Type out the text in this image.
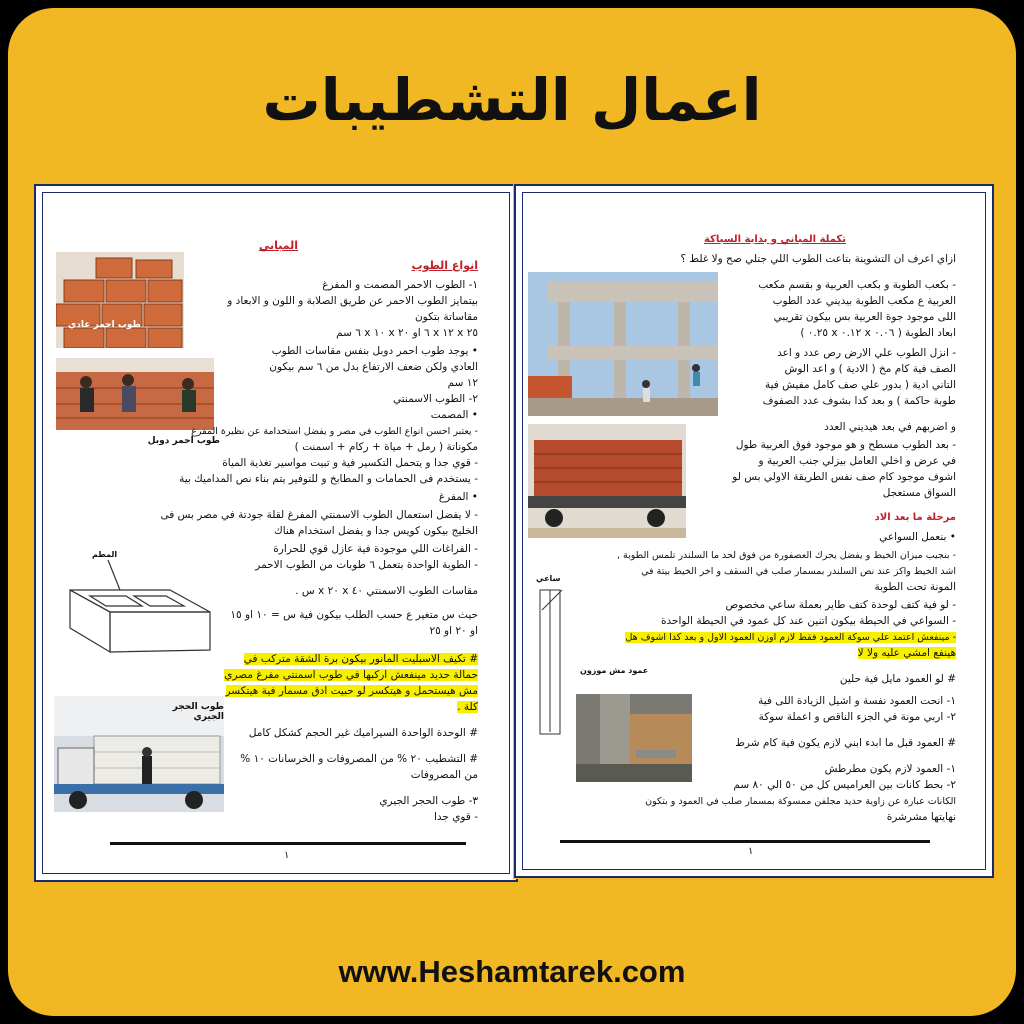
اعمال التشطيبات
المباني
انواع الطوب
طوب احمر عادي
طوب احمر دوبل
١- الطوب الاحمر المصمت و المفرغ
بيتمايز الطوب الاحمر عن طريق الصلابة و اللون و الابعاد و
مقاساتة بتكون
٢٥ x ١٢ x ٦ او ٢٠ x ١٠ x ٦ سم
• يوجد طوب احمر دوبل بنفس مقاسات الطوب
العادي ولكن ضعف الارتفاع بدل من ٦ سم بيكون
١٢ سم
٢- الطوب الاسمنتي
• المصمت
- يعتبر احسن انواع الطوب في مصر و يفضل استخدامة عن نظيرة المفرغ
مكوناتة ( رمل + مياة + ركام + اسمنت )
- قوي جدا و يتحمل التكسير فية و تبيت مواسير تغذية المياة
- يستخدم فى الحمامات و المطابخ و للتوفير يتم بناء نص المداميك بية
• المفرغ
- لا يفضل استعمال الطوب الاسمنتي المفرغ لقلة جودتة في مصر بس فى
الخليج بيكون كويس جدا و يفضل استخدام هناك
- الفراغات اللي موجودة فية عازل قوي للحرارة
- الطوبة الواحدة بتعمل ٦ طوبات من الطوب الاحمر
مقاسات الطوب الاسمنتي ٤٠ x ٢٠ x س .
حيث س متغير ع حسب الطلب بيكون فية س = ١٠ او ١٥
او ٢٠ او ٢٥
المطم
# تكيف الاسبليت المانور بيكون برة الشقة متركب في
حمالة حديد مينفعش اركبها في طوب اسمنتي مفرغ مصري
مش هيستحمل و هيتكسر لو حبيت ادق مسمار فية هيتكسر
كلة .
# الوحدة الواحدة السيراميك غير الحجم كشكل كامل
# التشطيب ٢٠ % من المصروفات و الخرسانات ١٠ %
من المصروفات
٣- طوب الحجر الجيري
- قوي جدا
طوب الحجر الجيري
١
تكملة المباني و بداية السباكة
ازاي اعرف ان التشوينة بتاعت الطوب اللي جتلي صح ولا غلط ؟
- بكعب الطوبة و بكعب العربية و بقسم مكعب
العربية ع مكعب الطوبة بيديني عدد الطوب
اللى موجود جوة العربية بس بيكون تقريبي
ابعاد الطوبة ( ٠.٠٦ x ٠.١٢ x ٠.٢٥ )
- انزل الطوب علي الارض رص عدد و اعد
الصف فية كام مخ ( الادية ) و اعد الوش
التاني ادية ( بدور علي صف كامل مفيش فية
طوبة حاكمة ) و بعد كدا بشوف عدد الصفوف
و اضربهم في بعد هيديني العدد
- بعد الطوب مسطح و هو موجود فوق العربية طول
في عرض و اخلي العامل بيزلي جنب العربية و
اشوف موجود كام صف نفس الطريقة الاولي بس لو
السواق مستعجل
مرحلة ما بعد الاد
• بنعمل السواعي
- بنجيب ميزان الخيط و يفضل يحرك العصفورة من فوق لحد ما السلندر تلمس الطوبة ,
اشد الخيط واكز عند نص السلندر بمسمار صلب في السقف و اخر الخيط بيتة في
المونة تحت الطوبة
- لو فية كتف لوحدة كتف طاير بعملة ساعي مخصوص
- السواعي في الحيطة بيكون اتنين عند كل عمود في الحيطة الواحدة
- مينفعش اعتمد علي سوكة العمود فقط لازم اوزن العمود الاول و بعد كدا اشوف هل
هينفع امشي عليه ولا لا
# لو العمود مايل فية حلين
١- انحت العمود نفسة و اشيل الزيادة اللى فية
٢- اربي مونة في الجزء الناقص و اعملة سوكة
# العمود قبل ما ابدء ابني لازم يكون فية كام شرط
١- العمود لازم يكون مطرطش
٢- بحط كانات بين العراميس كل من ٥٠ الي ٨٠ سم
الكانات عبارة عن زاوية حديد مجلفن ممسوكة بمسمار صلب في العمود و بتكون
نهايتها مشرشرة
ساعي
عمود مش موزون
١
www.Heshamtarek.com
